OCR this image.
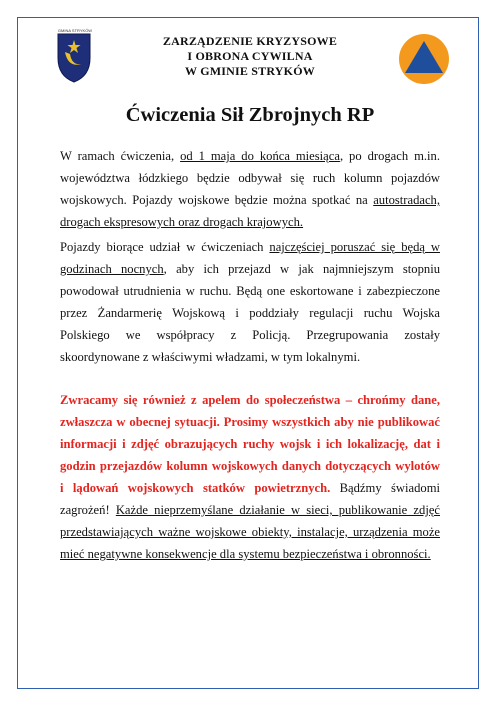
GMINA STRYKÓW
ZARZĄDZENIE KRYZYSOWE
I OBRONA CYWILNA
W GMINIE STRYKÓW
Ćwiczenia Sił Zbrojnych RP

W ramach ćwiczenia, od 1 maja do końca miesiąca, po drogach m.in. województwa łódzkiego będzie odbywał się ruch kolumn pojazdów wojskowych. Pojazdy wojskowe będzie można spotkać na autostradach, drogach ekspresowych oraz drogach krajowych.

Pojazdy biorące udział w ćwiczeniach najczęściej poruszać się będą w godzinach nocnych, aby ich przejazd w jak najmniejszym stopniu powodował utrudnienia w ruchu. Będą one eskortowane i zabezpieczone przez Żandarmerię Wojskową i poddziały regulacji ruchu Wojska Polskiego we współpracy z Policją. Przegrupowania zostały skoordynowane z właściwymi władzami, w tym lokalnymi.

Zwracamy się również z apelem do społeczeństwa – chrońmy dane, zwłaszcza w obecnej sytuacji. Prosimy wszystkich aby nie publikować informacji i zdjęć obrazujących ruchy wojsk i ich lokalizację, dat i godzin przejazdów kolumn wojskowych danych dotyczących wylotów i lądowań wojskowych statków powietrznych. Bądźmy świadomi zagrożeń! Każde nieprzemyślane działanie w sieci, publikowanie zdjęć przedstawiających ważne wojskowe obiekty, instalacje, urządzenia może mieć negatywne konsekwencje dla systemu bezpieczeństwa i obronności.
